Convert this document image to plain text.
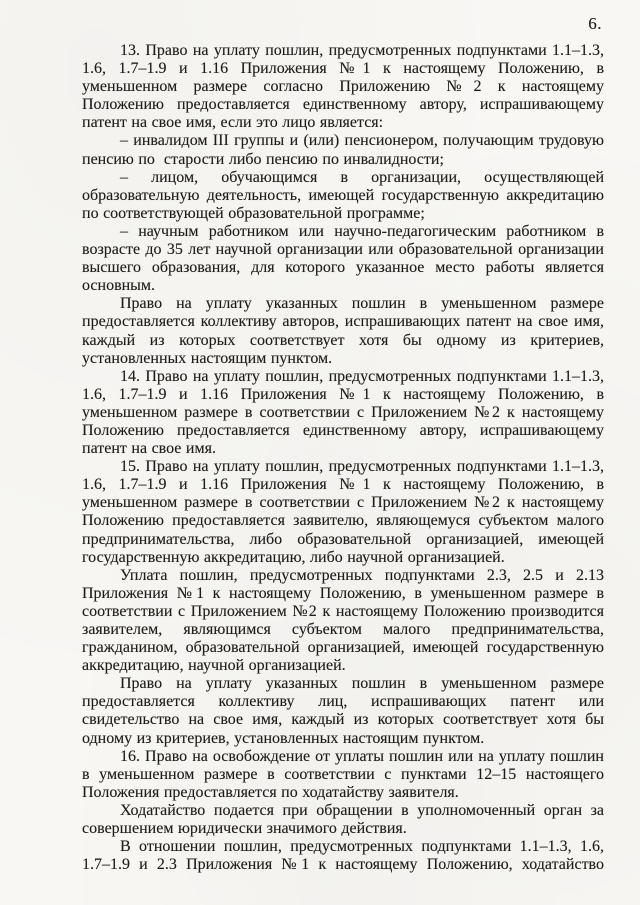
6.

13. Право на уплату пошлин, предусмотренных подпунктами 1.1–1.3, 1.6, 1.7–1.9 и 1.16 Приложения №1 к настоящему Положению, в уменьшенном размере согласно Приложению №2 к настоящему Положению предоставляется единственному автору, испрашивающему патент на свое имя, если это лицо является:

– инвалидом III группы и (или) пенсионером, получающим трудовую пенсию по  старости либо пенсию по инвалидности;

– лицом, обучающимся в организации, осуществляющей образовательную деятельность, имеющей государственную аккредитацию по соответствующей образовательной программе;

– научным работником или научно-педагогическим работником в возрасте до 35 лет научной организации или образовательной организации высшего образования, для которого указанное место работы является основным.

Право на уплату указанных пошлин в уменьшенном размере предоставляется коллективу авторов, испрашивающих патент на свое имя, каждый из которых соответствует хотя бы одному из критериев, установленных настоящим пунктом.

14. Право на уплату пошлин, предусмотренных подпунктами 1.1–1.3, 1.6, 1.7–1.9 и 1.16 Приложения №1 к настоящему Положению, в уменьшенном размере в соответствии с Приложением №2 к настоящему Положению предоставляется единственному автору, испрашивающему патент на свое имя.

15. Право на уплату пошлин, предусмотренных подпунктами 1.1–1.3, 1.6, 1.7–1.9 и 1.16 Приложения №1 к настоящему Положению, в уменьшенном размере в соответствии с Приложением №2 к настоящему Положению предоставляется заявителю, являющемуся субъектом малого предпринимательства, либо образовательной организацией, имеющей государственную аккредитацию, либо научной организацией.

Уплата пошлин, предусмотренных подпунктами 2.3, 2.5 и 2.13 Приложения №1 к настоящему Положению, в уменьшенном размере в соответствии с Приложением №2 к настоящему Положению производится заявителем, являющимся субъектом малого предпринимательства, гражданином, образовательной организацией, имеющей государственную аккредитацию, научной организацией.

Право на уплату указанных пошлин в уменьшенном размере предоставляется коллективу лиц, испрашивающих патент или свидетельство на свое имя, каждый из которых соответствует хотя бы одному из критериев, установленных настоящим пунктом.

16. Право на освобождение от уплаты пошлин или на уплату пошлин в уменьшенном размере в соответствии с пунктами 12–15 настоящего Положения предоставляется по ходатайству заявителя.

Ходатайство подается при обращении в уполномоченный орган за совершением юридически значимого действия.

В отношении пошлин, предусмотренных подпунктами 1.1–1.3, 1.6, 1.7–1.9 и 2.3 Приложения №1 к настоящему Положению, ходатайство
